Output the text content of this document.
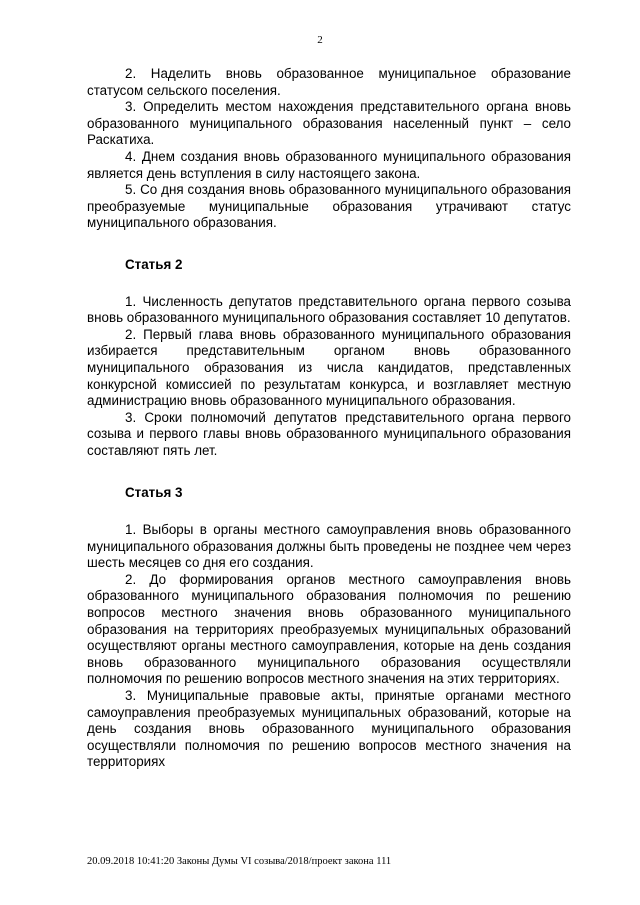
2

2. Наделить вновь образованное муниципальное образование статусом сельского поселения.

3. Определить местом нахождения представительного органа вновь образованного муниципального образования населенный пункт – село Раскатиха.

4. Днем создания вновь образованного муниципального образования является день вступления в силу настоящего закона.

5. Со дня создания вновь образованного муниципального образования преобразуемые муниципальные образования утрачивают статус муниципального образования.

Статья 2

1. Численность депутатов представительного органа первого созыва вновь образованного муниципального образования составляет 10 депутатов.

2. Первый глава вновь образованного муниципального образования избирается представительным органом вновь образованного муниципального образования из числа кандидатов, представленных конкурсной комиссией по результатам конкурса, и возглавляет местную администрацию вновь образованного муниципального образования.

3. Сроки полномочий депутатов представительного органа первого созыва и первого главы вновь образованного муниципального образования составляют пять лет.

Статья 3

1. Выборы в органы местного самоуправления вновь образованного муниципального образования должны быть проведены не позднее чем через шесть месяцев со дня его создания.

2. До формирования органов местного самоуправления вновь образованного муниципального образования полномочия по решению вопросов местного значения вновь образованного муниципального образования на территориях преобразуемых муниципальных образований осуществляют органы местного самоуправления, которые на день создания вновь образованного муниципального образования осуществляли полномочия по решению вопросов местного значения на этих территориях.

3. Муниципальные правовые акты, принятые органами местного самоуправления преобразуемых муниципальных образований, которые на день создания вновь образованного муниципального образования осуществляли полномочия по решению вопросов местного значения на территориях

20.09.2018 10:41:20 Законы Думы VI созыва/2018/проект закона 111
